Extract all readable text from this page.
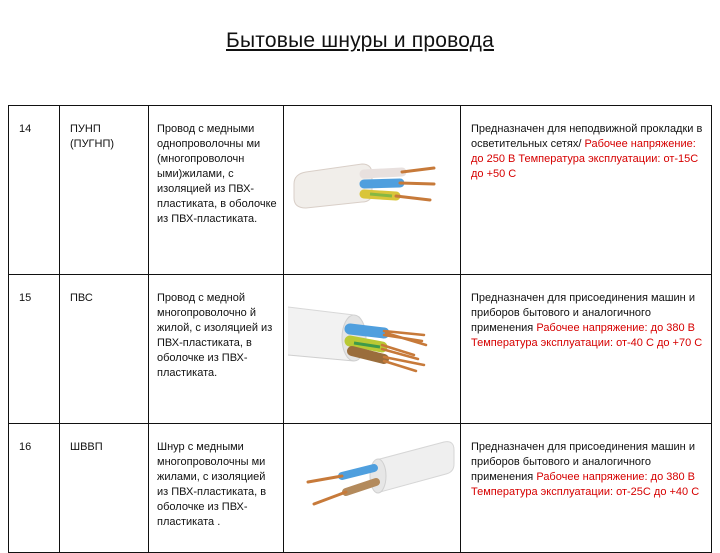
Бытовые шнуры и провода
14	ПУНП (ПУГНП)	Провод с медными однопроволочны ми (многопроволочн ыми)жилами, с изоляцией из ПВХ-пластиката, в оболочке из ПВХ-пластиката.		Предназначен для неподвижной прокладки в осветительных сетях/ Рабочее напряжение: до 250 В Температура эксплуатации: от-15С до +50 С
15	ПВС	Провод с медной многопроволочно й жилой, с изоляцией из ПВХ-пластиката, в оболочке из ПВХ-пластиката.		Предназначен для присоединения машин и приборов бытового и аналогичного применения Рабочее напряжение: до 380 В Температура эксплуатации: от-40 С до +70 С
16	ШВВП	Шнур с медными многопроволочны ми жилами, с изоляцией из ПВХ-пластиката, в оболочке из ПВХ-пластиката .		Предназначен для присоединения машин и приборов бытового и аналогичного применения Рабочее напряжение: до 380 В Температура эксплуатации: от-25С до +40 С
